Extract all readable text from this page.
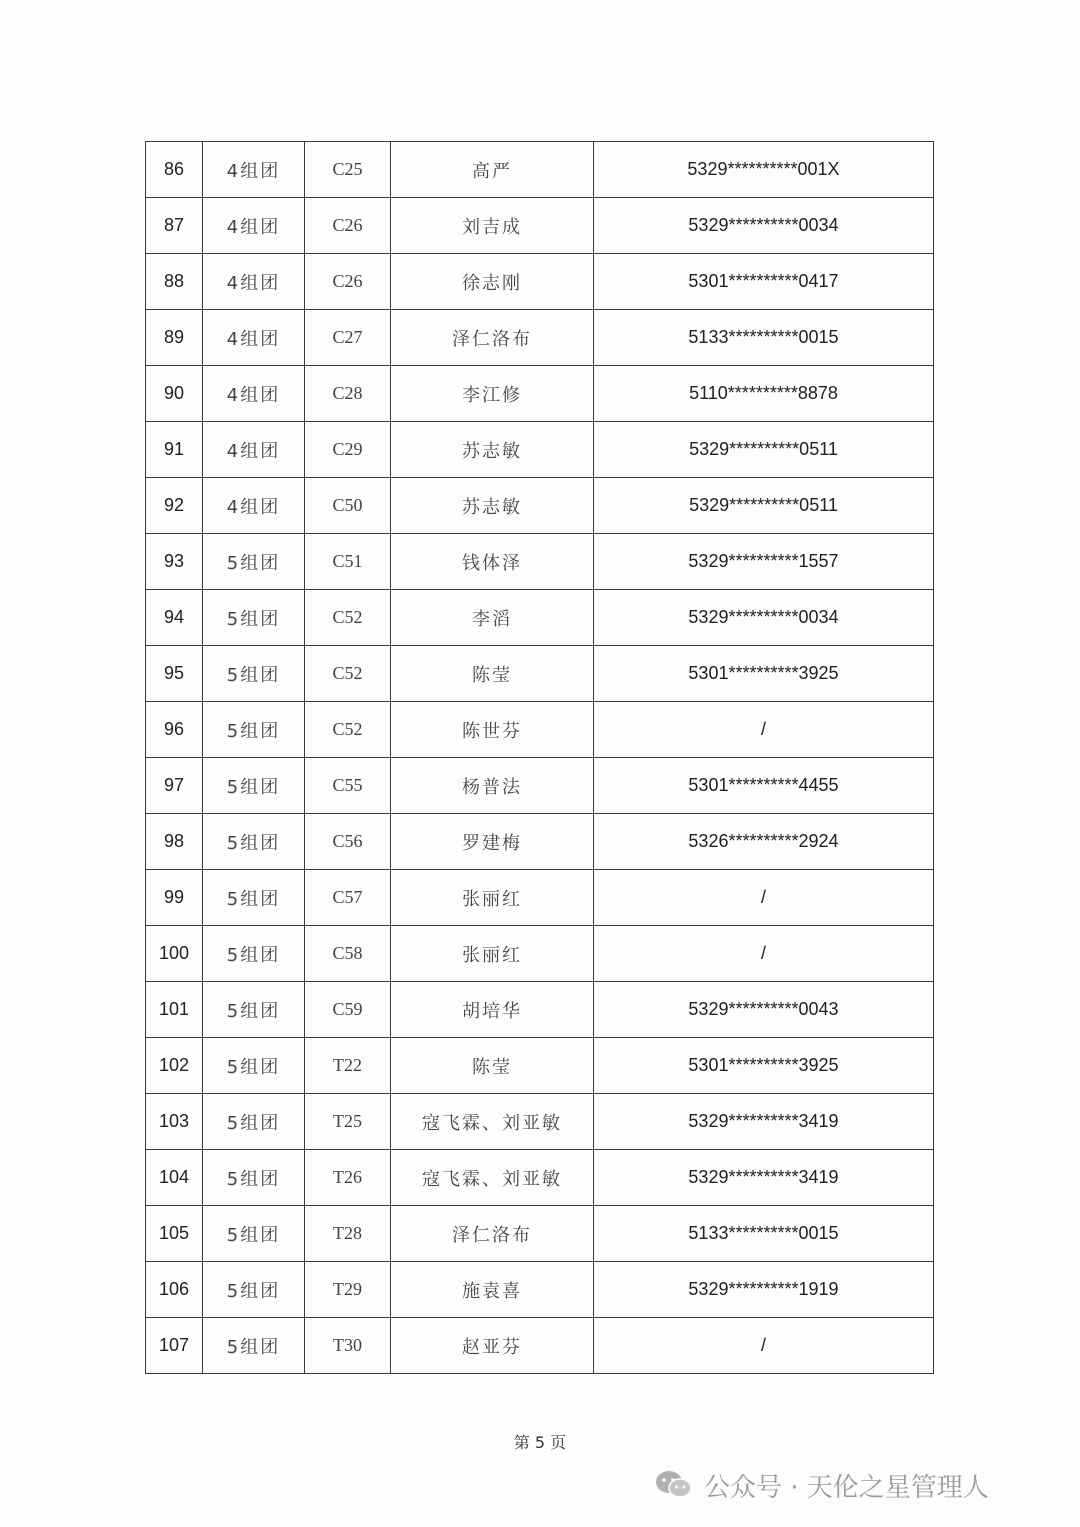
86	4组团	C25	高严	5329**********001X
87	4组团	C26	刘吉成	5329**********0034
88	4组团	C26	徐志刚	5301**********0417
89	4组团	C27	泽仁洛布	5133**********0015
90	4组团	C28	李江修	5110**********8878
91	4组团	C29	苏志敏	5329**********0511
92	4组团	C50	苏志敏	5329**********0511
93	5组团	C51	钱体泽	5329**********1557
94	5组团	C52	李滔	5329**********0034
95	5组团	C52	陈莹	5301**********3925
96	5组团	C52	陈世芬	/
97	5组团	C55	杨普法	5301**********4455
98	5组团	C56	罗建梅	5326**********2924
99	5组团	C57	张丽红	/
100	5组团	C58	张丽红	/
101	5组团	C59	胡培华	5329**********0043
102	5组团	T22	陈莹	5301**********3925
103	5组团	T25	寇飞霖、刘亚敏	5329**********3419
104	5组团	T26	寇飞霖、刘亚敏	5329**********3419
105	5组团	T28	泽仁洛布	5133**********0015
106	5组团	T29	施袁喜	5329**********1919
107	5组团	T30	赵亚芬	/
第 5 页
公众号 · 天伦之星管理人
